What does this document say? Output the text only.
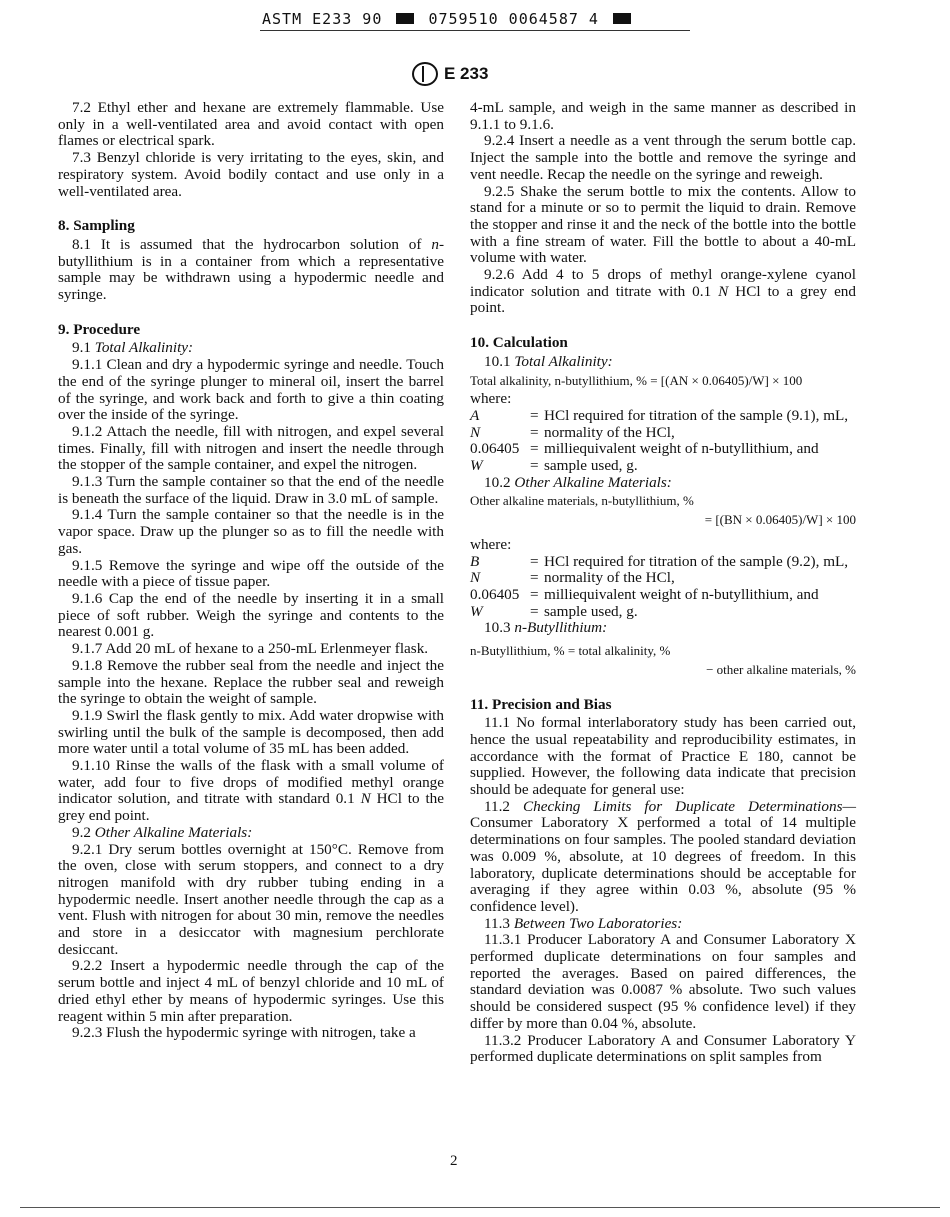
ASTM E233 90	0759510 0064587 4
E 233

7.2 Ethyl ether and hexane are extremely flammable. Use only in a well-ventilated area and avoid contact with open flames or electrical spark.

7.3 Benzyl chloride is very irritating to the eyes, skin, and respiratory system. Avoid bodily contact and use only in a well-ventilated area.

8. Sampling

8.1 It is assumed that the hydrocarbon solution of n-butyllithium is in a container from which a representative sample may be withdrawn using a hypodermic needle and syringe.

9. Procedure

9.1 Total Alkalinity:

9.1.1 Clean and dry a hypodermic syringe and needle. Touch the end of the syringe plunger to mineral oil, insert the barrel of the syringe, and work back and forth to give a thin coating over the inside of the syringe.

9.1.2 Attach the needle, fill with nitrogen, and expel several times. Finally, fill with nitrogen and insert the needle through the stopper of the sample container, and expel the nitrogen.

9.1.3 Turn the sample container so that the end of the needle is beneath the surface of the liquid. Draw in 3.0 mL of sample.

9.1.4 Turn the sample container so that the needle is in the vapor space. Draw up the plunger so as to fill the needle with gas.

9.1.5 Remove the syringe and wipe off the outside of the needle with a piece of tissue paper.

9.1.6 Cap the end of the needle by inserting it in a small piece of soft rubber. Weigh the syringe and contents to the nearest 0.001 g.

9.1.7 Add 20 mL of hexane to a 250-mL Erlenmeyer flask.

9.1.8 Remove the rubber seal from the needle and inject the sample into the hexane. Replace the rubber seal and reweigh the syringe to obtain the weight of sample.

9.1.9 Swirl the flask gently to mix. Add water dropwise with swirling until the bulk of the sample is decomposed, then add more water until a total volume of 35 mL has been added.

9.1.10 Rinse the walls of the flask with a small volume of water, add four to five drops of modified methyl orange indicator solution, and titrate with standard 0.1 N HCl to the grey end point.

9.2 Other Alkaline Materials:

9.2.1 Dry serum bottles overnight at 150°C. Remove from the oven, close with serum stoppers, and connect to a dry nitrogen manifold with dry rubber tubing ending in a hypodermic needle. Insert another needle through the cap as a vent. Flush with nitrogen for about 30 min, remove the needles and store in a desiccator with magnesium perchlorate desiccant.

9.2.2 Insert a hypodermic needle through the cap of the serum bottle and inject 4 mL of benzyl chloride and 10 mL of dried ethyl ether by means of hypodermic syringes. Use this reagent within 5 min after preparation.

9.2.3 Flush the hypodermic syringe with nitrogen, take a

4-mL sample, and weigh in the same manner as described in 9.1.1 to 9.1.6.

9.2.4 Insert a needle as a vent through the serum bottle cap. Inject the sample into the bottle and remove the syringe and vent needle. Recap the needle on the syringe and reweigh.

9.2.5 Shake the serum bottle to mix the contents. Allow to stand for a minute or so to permit the liquid to drain. Remove the stopper and rinse it and the neck of the bottle into the bottle with a fine stream of water. Fill the bottle to about a 40-mL volume with water.

9.2.6 Add 4 to 5 drops of methyl orange-xylene cyanol indicator solution and titrate with 0.1 N HCl to a grey end point.

10. Calculation

10.1 Total Alkalinity:

Total alkalinity, n-butyllithium, % = [(AN × 0.06405)/W] × 100

where:

A	= HCl required for titration of the sample (9.1), mL,
N	= normality of the HCl,
0.06405 = milliequivalent weight of n-butyllithium, and
W	= sample used, g.

10.2 Other Alkaline Materials:

Other alkaline materials, n-butyllithium, %

= [(BN × 0.06405)/W] × 100

where:

B	= HCl required for titration of the sample (9.2), mL,
N	= normality of the HCl,
0.06405 = milliequivalent weight of n-butyllithium, and
W	= sample used, g.

10.3 n-Butyllithium:

n-Butyllithium, % = total alkalinity, %

− other alkaline materials, %

11. Precision and Bias

11.1 No formal interlaboratory study has been carried out, hence the usual repeatability and reproducibility estimates, in accordance with the format of Practice E 180, cannot be supplied. However, the following data indicate that precision should be adequate for general use:

11.2 Checking Limits for Duplicate Determinations—Consumer Laboratory X performed a total of 14 multiple determinations on four samples. The pooled standard deviation was 0.009 %, absolute, at 10 degrees of freedom. In this laboratory, duplicate determinations should be acceptable for averaging if they agree within 0.03 %, absolute (95 % confidence level).

11.3 Between Two Laboratories:

11.3.1 Producer Laboratory A and Consumer Laboratory X performed duplicate determinations on four samples and reported the averages. Based on paired differences, the standard deviation was 0.0087 % absolute. Two such values should be considered suspect (95 % confidence level) if they differ by more than 0.04 %, absolute.

11.3.2 Producer Laboratory A and Consumer Laboratory Y performed duplicate determinations on split samples from

2
